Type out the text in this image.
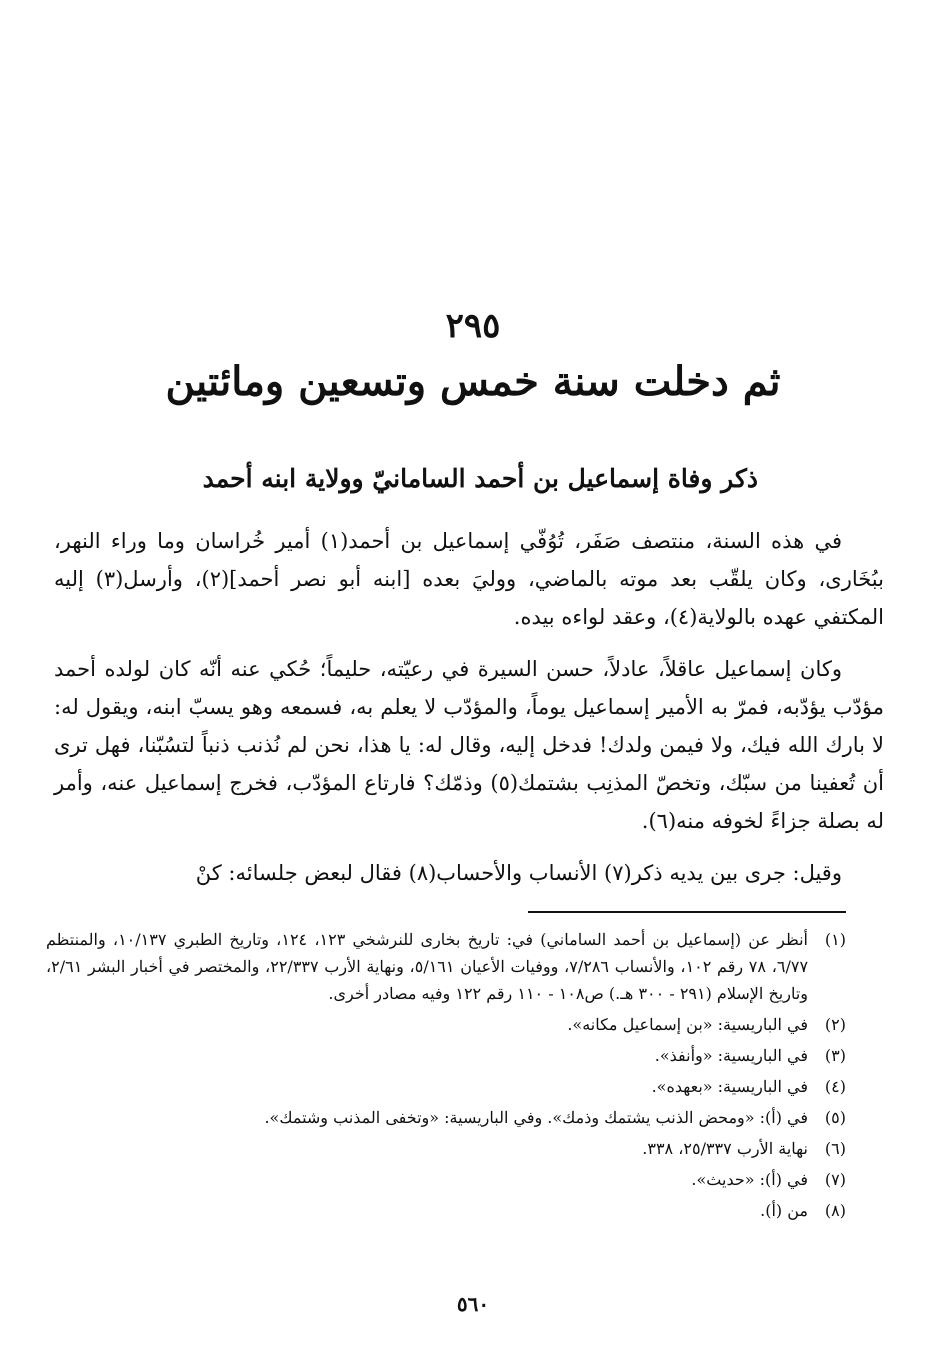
٢٩٥
ثم دخلت سنة خمس وتسعين ومائتين
ذكر وفاة إسماعيل بن أحمد السامانيّ وولاية ابنه أحمد

في هذه السنة، منتصف صَفَر، تُوُفّي إسماعيل بن أحمد(١) أمير خُراسان وما وراء النهر، ببُخَارى، وكان يلقّب بعد موته بالماضي، ووليَ بعده [ابنه أبو نصر أحمد](٢)، وأرسل(٣) إليه المكتفي عهده بالولاية(٤)، وعقد لواءه بيده.

وكان إسماعيل عاقلاً، عادلاً، حسن السيرة في رعيّته، حليماً؛ حُكي عنه أنّه كان لولده أحمد مؤدّب يؤدّبه، فمرّ به الأمير إسماعيل يوماً، والمؤدّب لا يعلم به، فسمعه وهو يسبّ ابنه، ويقول له: لا بارك الله فيك، ولا فيمن ولدك! فدخل إليه، وقال له: يا هذا، نحن لم نُذنب ذنباً لتسُبّنا، فهل ترى أن تُعفينا من سبّك، وتخصّ المذنِب بشتمك(٥) وذمّك؟ فارتاع المؤدّب، فخرج إسماعيل عنه، وأمر له بصلة جزاءً لخوفه منه(٦).

وقيل: جرى بين يديه ذكر(٧) الأنساب والأحساب(٨) فقال لبعض جلسائه: كنْ

(١)
أنظر عن (إسماعيل بن أحمد الساماني) في: تاريخ بخارى للنرشخي ١٢٣، ١٢٤، وتاريخ الطبري ١٠/١٣٧، والمنتظم ٦/٧٧، ٧٨ رقم ١٠٢، والأنساب ٧/٢٨٦، ووفيات الأعيان ٥/١٦١، ونهاية الأرب ٢٢/٣٣٧، والمختصر في أخبار البشر ٢/٦١، وتاريخ الإسلام (٢٩١ - ٣٠٠ هـ.) ص١٠٨ - ١١٠ رقم ١٢٢ وفيه مصادر أخرى.
(٢)
في الباريسية: «بن إسماعيل مكانه».
(٣)
في الباريسية: «وأنفذ».
(٤)
في الباريسية: «بعهده».
(٥)
في (أ): «ومحض الذنب يشتمك وذمك». وفي الباريسية: «وتخفى المذنب وشتمك».
(٦)
نهاية الأرب ٢٥/٣٣٧، ٣٣٨.
(٧)
في (أ): «حديث».
(٨)
من (أ).
٥٦٠
